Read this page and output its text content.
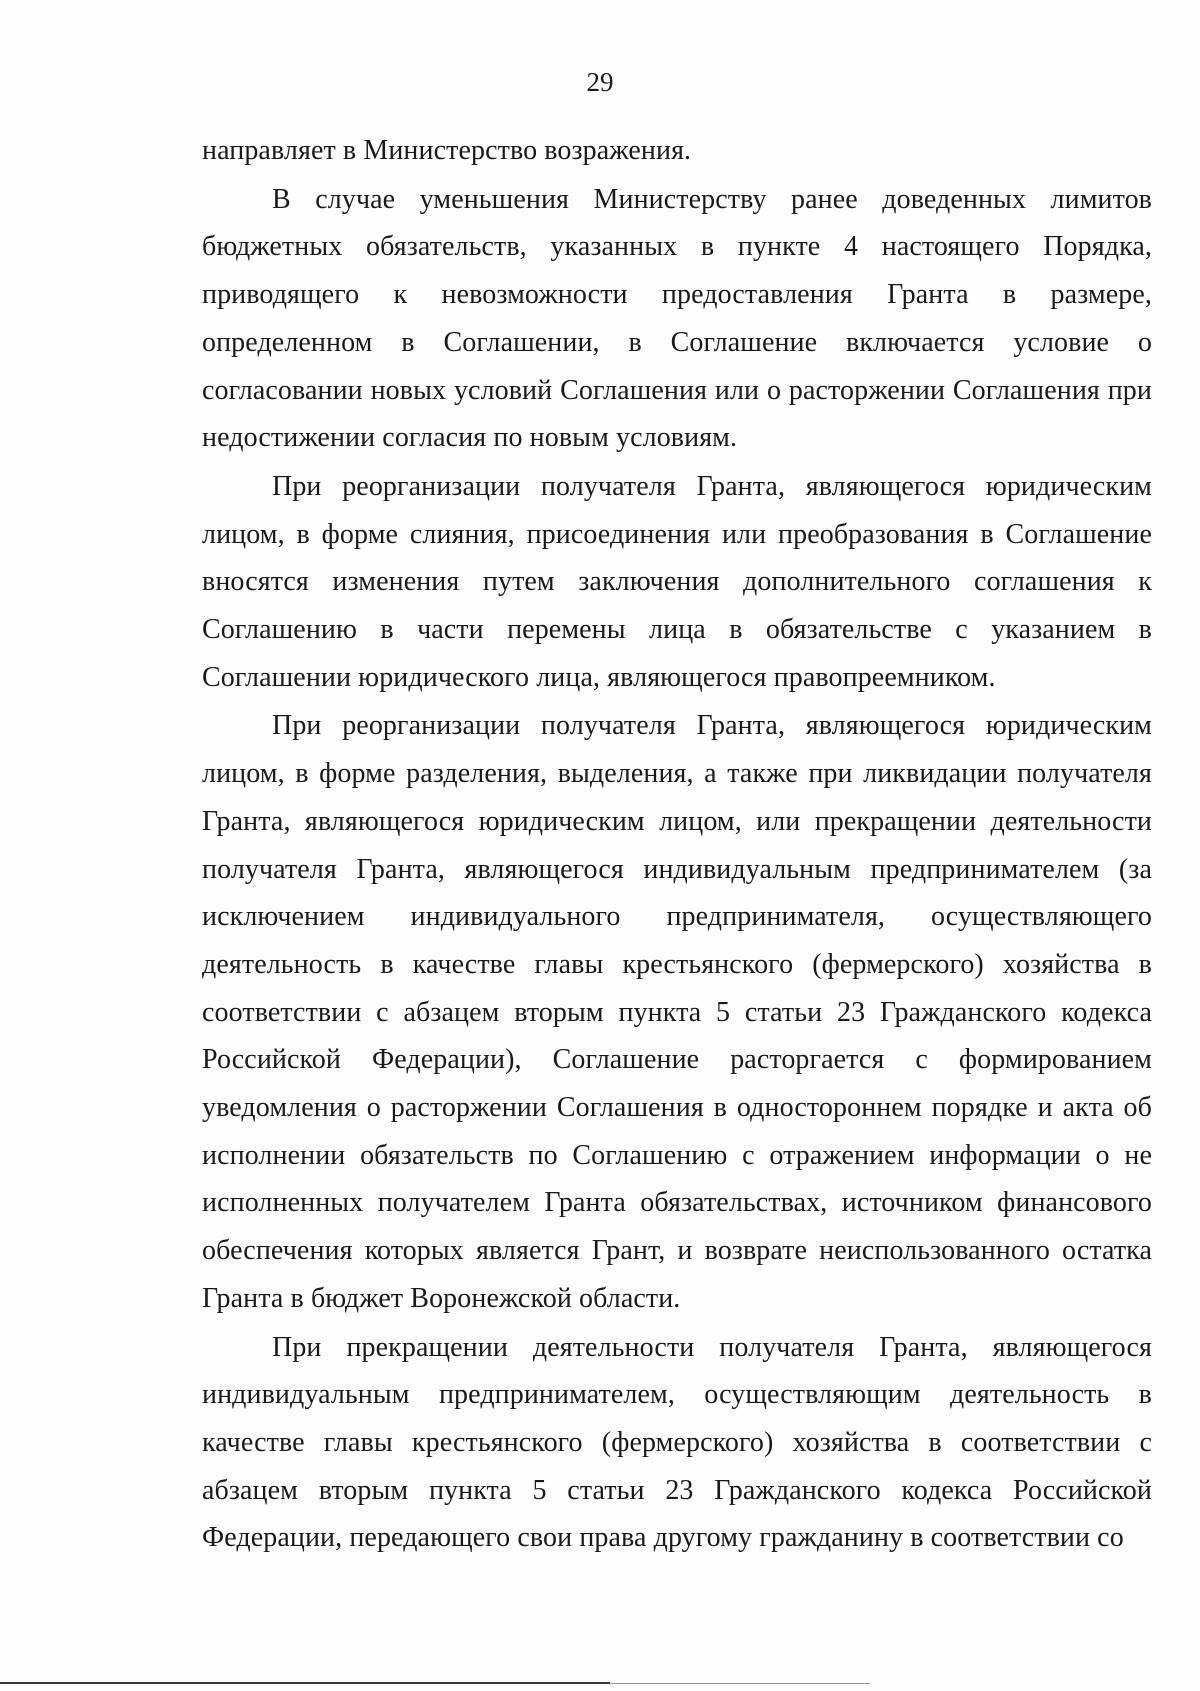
29

направляет в Министерство возражения.

В случае уменьшения Министерству ранее доведенных лимитов бюджетных обязательств, указанных в пункте 4 настоящего Порядка, приводящего к невозможности предоставления Гранта в размере, определенном в Соглашении, в Соглашение включается условие о согласовании новых условий Соглашения или о расторжении Соглашения при недостижении согласия по новым условиям.

При реорганизации получателя Гранта, являющегося юридическим лицом, в форме слияния, присоединения или преобразования в Соглашение вносятся изменения путем заключения дополнительного соглашения к Соглашению в части перемены лица в обязательстве с указанием в Соглашении юридического лица, являющегося правопреемником.

При реорганизации получателя Гранта, являющегося юридическим лицом, в форме разделения, выделения, а также при ликвидации получателя Гранта, являющегося юридическим лицом, или прекращении деятельности получателя Гранта, являющегося индивидуальным предпринимателем (за исключением индивидуального предпринимателя, осуществляющего деятельность в качестве главы крестьянского (фермерского) хозяйства в соответствии с абзацем вторым пункта 5 статьи 23 Гражданского кодекса Российской Федерации), Соглашение расторгается с формированием уведомления о расторжении Соглашения в одностороннем порядке и акта об исполнении обязательств по Соглашению с отражением информации о не исполненных получателем Гранта обязательствах, источником финансового обеспечения которых является Грант, и возврате неиспользованного остатка Гранта в бюджет Воронежской области.

При прекращении деятельности получателя Гранта, являющегося индивидуальным предпринимателем, осуществляющим деятельность в качестве главы крестьянского (фермерского) хозяйства в соответствии с абзацем вторым пункта 5 статьи 23 Гражданского кодекса Российской Федерации, передающего свои права другому гражданину в соответствии со
